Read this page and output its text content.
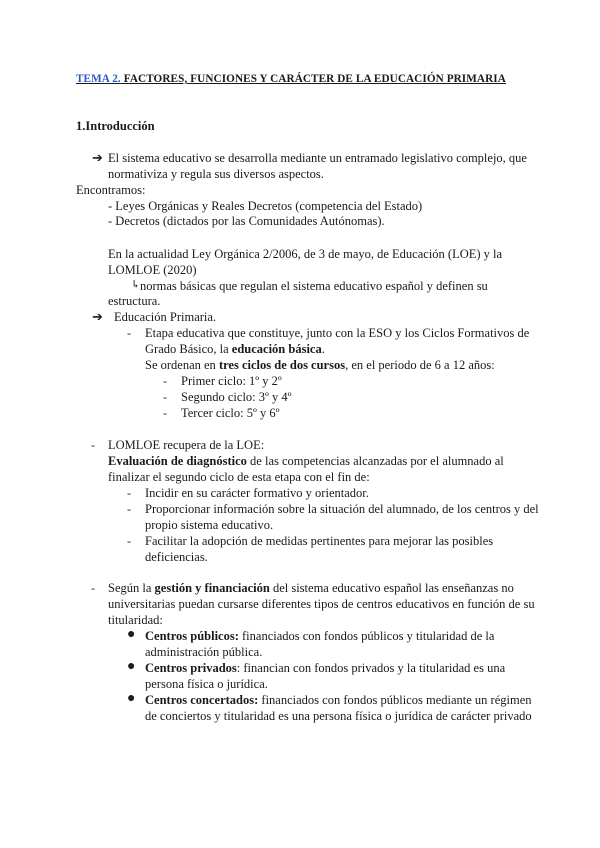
TEMA 2. FACTORES, FUNCIONES Y CARÁCTER DE LA EDUCACIÓN PRIMARIA
1.Introducción
➔ El sistema educativo se desarrolla mediante un entramado legislativo complejo, que
normativiza y regula sus diversos aspectos.
Encontramos:
- Leyes Orgánicas y Reales Decretos (competencia del Estado)
- Decretos (dictados por las Comunidades Autónomas).
En la actualidad Ley Orgánica 2/2006, de 3 de mayo, de Educación (LOE) y la
LOMLOE (2020)
↳ normas básicas que regulan el sistema educativo español y definen su
estructura.
➔ Educación Primaria.
- Etapa educativa que constituye, junto con la ESO y los Ciclos Formativos de
Grado Básico, la educación básica.
Se ordenan en tres ciclos de dos cursos, en el periodo de 6 a 12 años:
- Primer ciclo: 1º y 2º
- Segundo ciclo: 3º y 4º
- Tercer ciclo: 5º y 6º
- LOMLOE recupera de la LOE:
Evaluación de diagnóstico de las competencias alcanzadas por el alumnado al
finalizar el segundo ciclo de esta etapa con el fin de:
- Incidir en su carácter formativo y orientador.
- Proporcionar información sobre la situación del alumnado, de los centros y del
propio sistema educativo.
- Facilitar la adopción de medidas pertinentes para mejorar las posibles
deficiencias.
- Según la gestión y financiación del sistema educativo español las enseñanzas no
universitarias puedan cursarse diferentes tipos de centros educativos en función de su
titularidad:
● Centros públicos: financiados con fondos públicos y titularidad de la
administración pública.
● Centros privados: financian con fondos privados y la titularidad es una
persona física o jurídica.
● Centros concertados: financiados con fondos públicos mediante un régimen
de conciertos y titularidad es una persona física o jurídica de carácter privado
